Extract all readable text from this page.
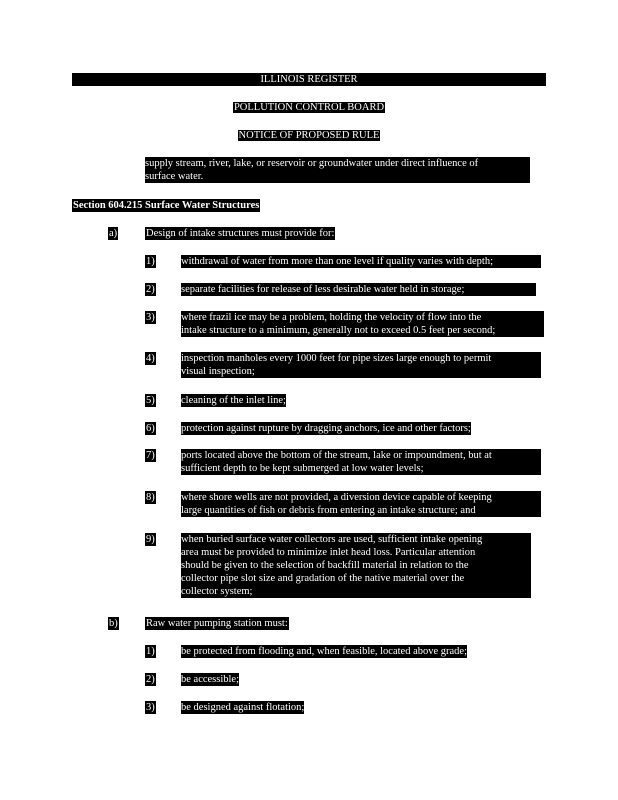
ILLINOIS REGISTER
POLLUTION CONTROL BOARD
NOTICE OF PROPOSED RULE
supply stream, river, lake, or reservoir or groundwater under direct influence of
surface water.
Section 604.215 Surface Water Structures
a)	Design of intake structures must provide for:
1)	withdrawal of water from more than one level if quality varies with depth;
2)	separate facilities for release of less desirable water held in storage;
3)	where frazil ice may be a problem, holding the velocity of flow into the
intake structure to a minimum, generally not to exceed 0.5 feet per second;
4)	inspection manholes every 1000 feet for pipe sizes large enough to permit
visual inspection;
5)	cleaning of the inlet line;
6)	protection against rupture by dragging anchors, ice and other factors;
7)	ports located above the bottom of the stream, lake or impoundment, but at
sufficient depth to be kept submerged at low water levels;
8)	where shore wells are not provided, a diversion device capable of keeping
large quantities of fish or debris from entering an intake structure; and
9)	when buried surface water collectors are used, sufficient intake opening
area must be provided to minimize inlet head loss. Particular attention
should be given to the selection of backfill material in relation to the
collector pipe slot size and gradation of the native material over the
collector system;
b)	Raw water pumping station must:
1)	be protected from flooding and, when feasible, located above grade;
2)	be accessible;
3)	be designed against flotation;
